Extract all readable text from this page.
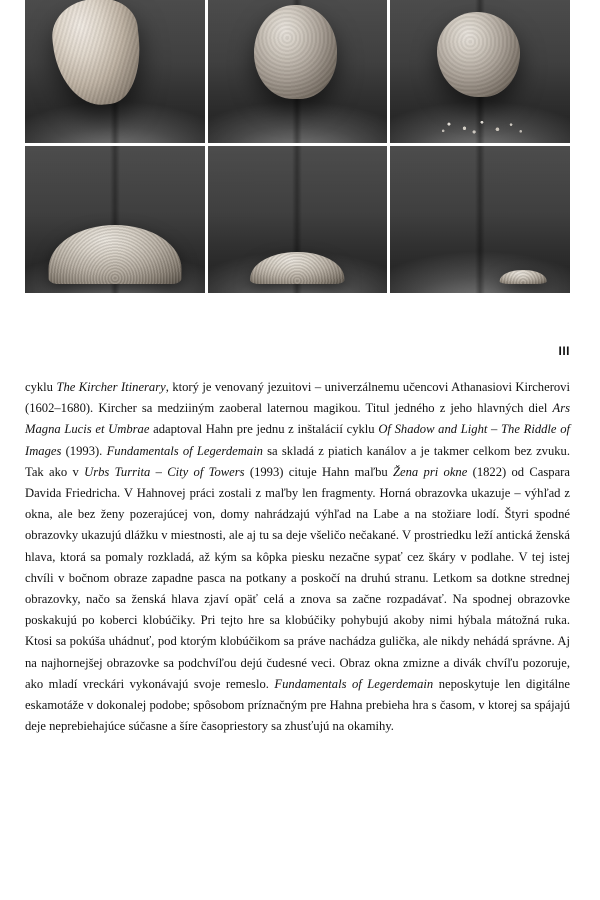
III

cyklu The Kircher Itinerary, ktorý je venovaný jezuitovi – univerzálnemu učencovi Athanasiovi Kircherovi (1602–1680). Kircher sa medziiným zaoberal laternou magikou. Titul jedného z jeho hlavných diel Ars Magna Lucis et Umbrae adaptoval Hahn pre jednu z inštalácií cyklu Of Shadow and Light – The Riddle of Images (1993). Fundamentals of Legerdemain sa skladá z piatich kanálov a je takmer celkom bez zvuku. Tak ako v Urbs Turrita – City of Towers (1993) cituje Hahn maľbu Žena pri okne (1822) od Caspara Davida Friedricha. V Hahnovej práci zostali z maľby len fragmenty. Horná obrazovka ukazuje – výhľad z okna, ale bez ženy pozerajúcej von, domy nahrádzajú výhľad na Labe a na stožiare lodí. Štyri spodné obrazovky ukazujú dlážku v miestnosti, ale aj tu sa deje všeličo nečakané. V prostriedku leží antická ženská hlava, ktorá sa pomaly rozkladá, až kým sa kôpka piesku nezačne sypať cez škáry v podlahe. V tej istej chvíli v bočnom obraze zapadne pasca na potkany a poskočí na druhú stranu. Letkom sa dotkne strednej obrazovky, načo sa ženská hlava zjaví opäť celá a znova sa začne rozpadávať. Na spodnej obrazovke poskakujú po koberci klobúčiky. Pri tejto hre sa klobúčiky pohybujú akoby nimi hýbala mátožná ruka. Ktosi sa pokúša uhádnuť, pod ktorým klobúčikom sa práve nachádza gulička, ale nikdy nehádá správne. Aj na najhornejšej obrazovke sa podchvíľou dejú čudesné veci. Obraz okna zmizne a divák chvíľu pozoruje, ako mladí vreckári vykonávajú svoje remeslo. Fundamentals of Legerdemain neposkytuje len digitálne eskamotáže v dokonalej podobe; spôsobom príznačným pre Hahna prebieha hra s časom, v ktorej sa spájajú deje neprebiehajúce súčasne a šíre časopriestory sa zhusťujú na okamihy.
